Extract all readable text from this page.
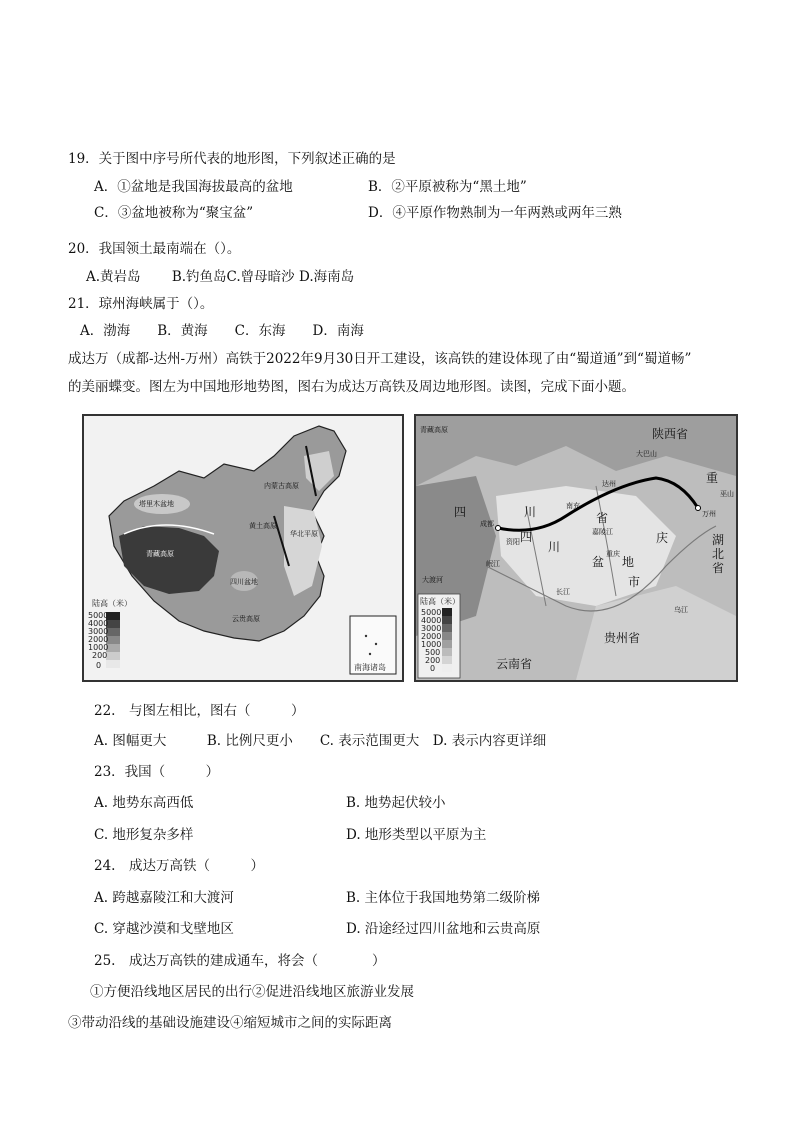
19．关于图中序号所代表的地形图，下列叙述正确的是
A．①盆地是我国海拔最高的盆地	B．②平原被称为“黑土地”
C．③盆地被称为“聚宝盆”	D．④平原作物熟制为一年两熟或两年三熟
20．我国领土最南端在（）。
A.黄岩岛　　 B.钓鱼岛C.曾母暗沙 D.海南岛
21．琼州海峡属于（）。
A．渤海　　B．黄海　　C．东海　　D．南海
成达万（成都-达州-万州）高铁于2022年9月30日开工建设，该高铁的建设体现了由“蜀道通”到“蜀道畅”
的美丽蝶变。图左为中国地形地势图，图右为成达万高铁及周边地形图。读图，完成下面小题。
塔里木盆地
内蒙古高原
华北平原
黄土高原
四川盆地
云贵高原
青藏高原
陆高（米）
5000
4000
3000
2000
1000
200
0	南海诸岛
陕西省
四	川	省
四
川
盆 地
重
庆
市
湖
北
省
云南省
贵州省
青藏高原
成都
万州
达州
南充
资阳
重庆
大巴山
巫山
嘉陵江
大渡河
岷江
长江
乌江
陆高（米）
5000
4000
3000
2000
1000
500
200
0
22.　与图左相比，图右（　　　）
A. 图幅更大　　　B. 比例尺更小　　C. 表示范围更大　D. 表示内容更详细
23．我国（　　　）
A. 地势东高西低	B. 地势起伏较小
C. 地形复杂多样	D. 地形类型以平原为主
24.　成达万高铁（　　　）
A. 跨越嘉陵江和大渡河	B. 主体位于我国地势第二级阶梯
C. 穿越沙漠和戈壁地区	D. 沿途经过四川盆地和云贵高原
25.　成达万高铁的建成通车，将会（　　　　）
①方便沿线地区居民的出行②促进沿线地区旅游业发展
③带动沿线的基础设施建设④缩短城市之间的实际距离
